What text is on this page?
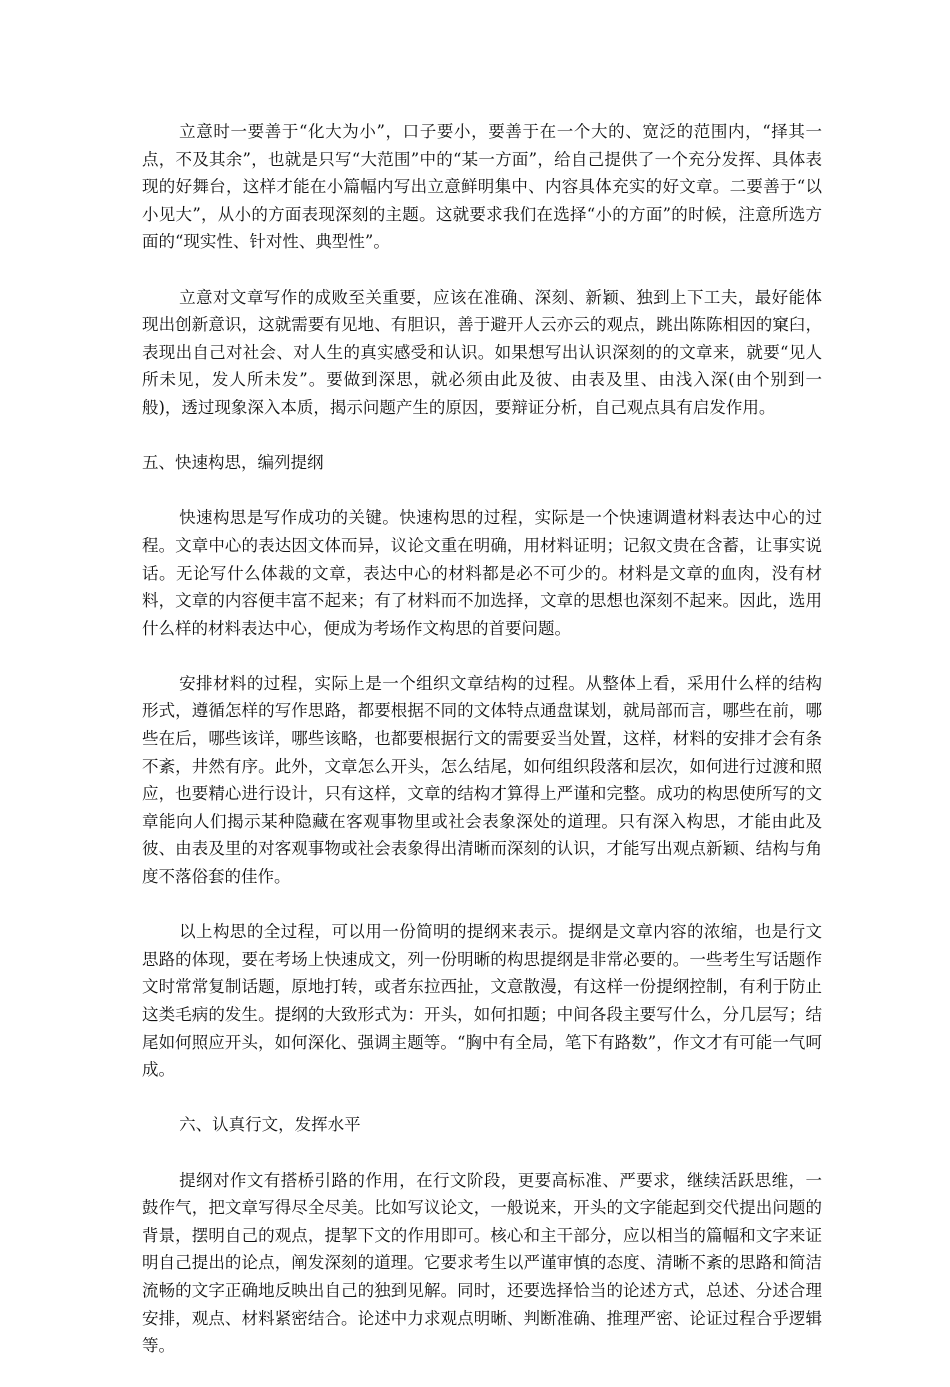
立意时一要善于“化大为小”，口子要小，要善于在一个大的、宽泛的范围内，“择其一点，不及其余”，也就是只写“大范围”中的“某一方面”，给自己提供了一个充分发挥、具体表现的好舞台，这样才能在小篇幅内写出立意鲜明集中、内容具体充实的好文章。二要善于“以小见大”，从小的方面表现深刻的主题。这就要求我们在选择“小的方面”的时候，注意所选方面的“现实性、针对性、典型性”。

立意对文章写作的成败至关重要，应该在准确、深刻、新颖、独到上下工夫，最好能体现出创新意识，这就需要有见地、有胆识，善于避开人云亦云的观点，跳出陈陈相因的窠臼，表现出自己对社会、对人生的真实感受和认识。如果想写出认识深刻的的文章来，就要“见人所未见，发人所未发”。要做到深思，就必须由此及彼、由表及里、由浅入深(由个别到一般)，透过现象深入本质，揭示问题产生的原因，要辩证分析，自己观点具有启发作用。

五、快速构思，编列提纲

快速构思是写作成功的关键。快速构思的过程，实际是一个快速调遣材料表达中心的过程。文章中心的表达因文体而异，议论文重在明确，用材料证明；记叙文贵在含蓄，让事实说话。无论写什么体裁的文章，表达中心的材料都是必不可少的。材料是文章的血肉，没有材料，文章的内容便丰富不起来；有了材料而不加选择，文章的思想也深刻不起来。因此，选用什么样的材料表达中心，便成为考场作文构思的首要问题。

安排材料的过程，实际上是一个组织文章结构的过程。从整体上看，采用什么样的结构形式，遵循怎样的写作思路，都要根据不同的文体特点通盘谋划，就局部而言，哪些在前，哪些在后，哪些该详，哪些该略，也都要根据行文的需要妥当处置，这样，材料的安排才会有条不紊，井然有序。此外，文章怎么开头，怎么结尾，如何组织段落和层次，如何进行过渡和照应，也要精心进行设计，只有这样，文章的结构才算得上严谨和完整。成功的构思使所写的文章能向人们揭示某种隐藏在客观事物里或社会表象深处的道理。只有深入构思，才能由此及彼、由表及里的对客观事物或社会表象得出清晰而深刻的认识，才能写出观点新颖、结构与角度不落俗套的佳作。

以上构思的全过程，可以用一份简明的提纲来表示。提纲是文章内容的浓缩，也是行文思路的体现，要在考场上快速成文，列一份明晰的构思提纲是非常必要的。一些考生写话题作文时常常复制话题，原地打转，或者东拉西扯，文意散漫，有这样一份提纲控制，有利于防止这类毛病的发生。提纲的大致形式为：开头，如何扣题；中间各段主要写什么，分几层写；结尾如何照应开头，如何深化、强调主题等。“胸中有全局，笔下有路数”，作文才有可能一气呵成。

六、认真行文，发挥水平

提纲对作文有搭桥引路的作用，在行文阶段，更要高标准、严要求，继续活跃思维，一鼓作气，把文章写得尽全尽美。比如写议论文，一般说来，开头的文字能起到交代提出问题的背景，摆明自己的观点，提挈下文的作用即可。核心和主干部分，应以相当的篇幅和文字来证明自己提出的论点，阐发深刻的道理。它要求考生以严谨审慎的态度、清晰不紊的思路和简洁流畅的文字正确地反映出自己的独到见解。同时，还要选择恰当的论述方式，总述、分述合理安排，观点、材料紧密结合。论述中力求观点明晰、判断准确、推理严密、论证过程合乎逻辑等。
